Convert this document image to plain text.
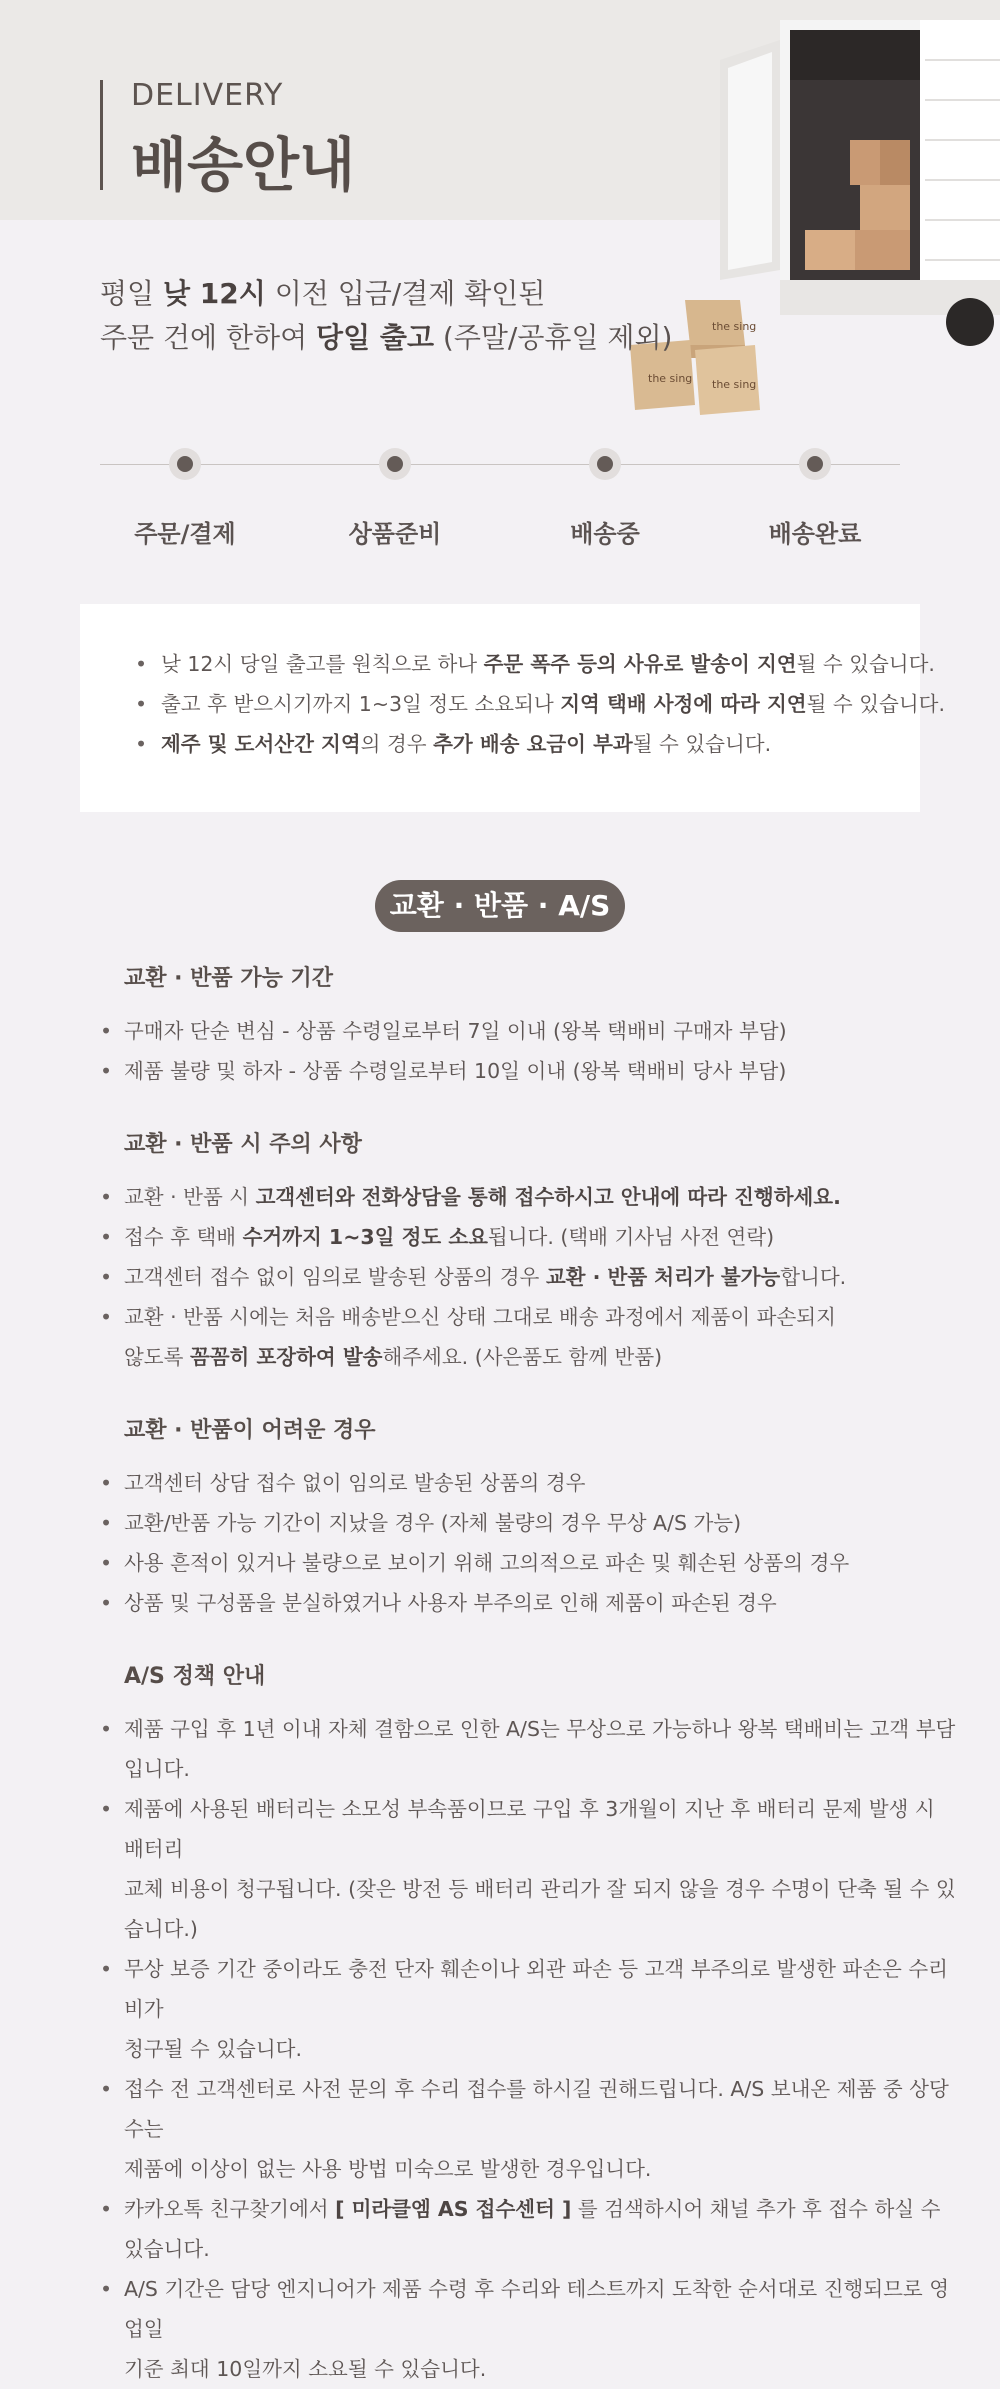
DELIVERY
배송안내
the sing
the sing the sing
평일 낮 12시 이전 입금/결제 확인된
주문 건에 한하여 당일 출고 (주말/공휴일 제외)
주문/결제	상품준비	배송중	배송완료
• 낮 12시 당일 출고를 원칙으로 하나 주문 폭주 등의 사유로 발송이 지연될 수 있습니다.
• 출고 후 받으시기까지 1~3일 정도 소요되나 지역 택배 사정에 따라 지연될 수 있습니다.
• 제주 및 도서산간 지역의 경우 추가 배송 요금이 부과될 수 있습니다.
교환 · 반품 · A/S
교환 · 반품 가능 기간
• 구매자 단순 변심 - 상품 수령일로부터 7일 이내 (왕복 택배비 구매자 부담)
• 제품 불량 및 하자 - 상품 수령일로부터 10일 이내 (왕복 택배비 당사 부담)
교환 · 반품 시 주의 사항
• 교환 · 반품 시 고객센터와 전화상담을 통해 접수하시고 안내에 따라 진행하세요.
• 접수 후 택배 수거까지 1~3일 정도 소요됩니다. (택배 기사님 사전 연락)
• 고객센터 접수 없이 임의로 발송된 상품의 경우 교환 · 반품 처리가 불가능합니다.
• 교환 · 반품 시에는 처음 배송받으신 상태 그대로 배송 과정에서 제품이 파손되지
않도록 꼼꼼히 포장하여 발송해주세요. (사은품도 함께 반품)
교환 · 반품이 어려운 경우
• 고객센터 상담 접수 없이 임의로 발송된 상품의 경우
• 교환/반품 가능 기간이 지났을 경우 (자체 불량의 경우 무상 A/S 가능)
• 사용 흔적이 있거나 불량으로 보이기 위해 고의적으로 파손 및 훼손된 상품의 경우
• 상품 및 구성품을 분실하였거나 사용자 부주의로 인해 제품이 파손된 경우
A/S 정책 안내
• 제품 구입 후 1년 이내 자체 결함으로 인한 A/S는 무상으로 가능하나 왕복 택배비는 고객 부담입니다.
• 제품에 사용된 배터리는 소모성 부속품이므로 구입 후 3개월이 지난 후 배터리 문제 발생 시 배터리
교체 비용이 청구됩니다. (잦은 방전 등 배터리 관리가 잘 되지 않을 경우 수명이 단축 될 수 있습니다.)
• 무상 보증 기간 중이라도 충전 단자 훼손이나 외관 파손 등 고객 부주의로 발생한 파손은 수리비가
청구될 수 있습니다.
• 접수 전 고객센터로 사전 문의 후 수리 접수를 하시길 권해드립니다. A/S 보내온 제품 중 상당 수는
제품에 이상이 없는 사용 방법 미숙으로 발생한 경우입니다.
• 카카오톡 친구찾기에서 [ 미라클엠 AS 접수센터 ] 를 검색하시어 채널 추가 후 접수 하실 수 있습니다.
• A/S 기간은 담당 엔지니어가 제품 수령 후 수리와 테스트까지 도착한 순서대로 진행되므로 영업일
기준 최대 10일까지 소요될 수 있습니다.
